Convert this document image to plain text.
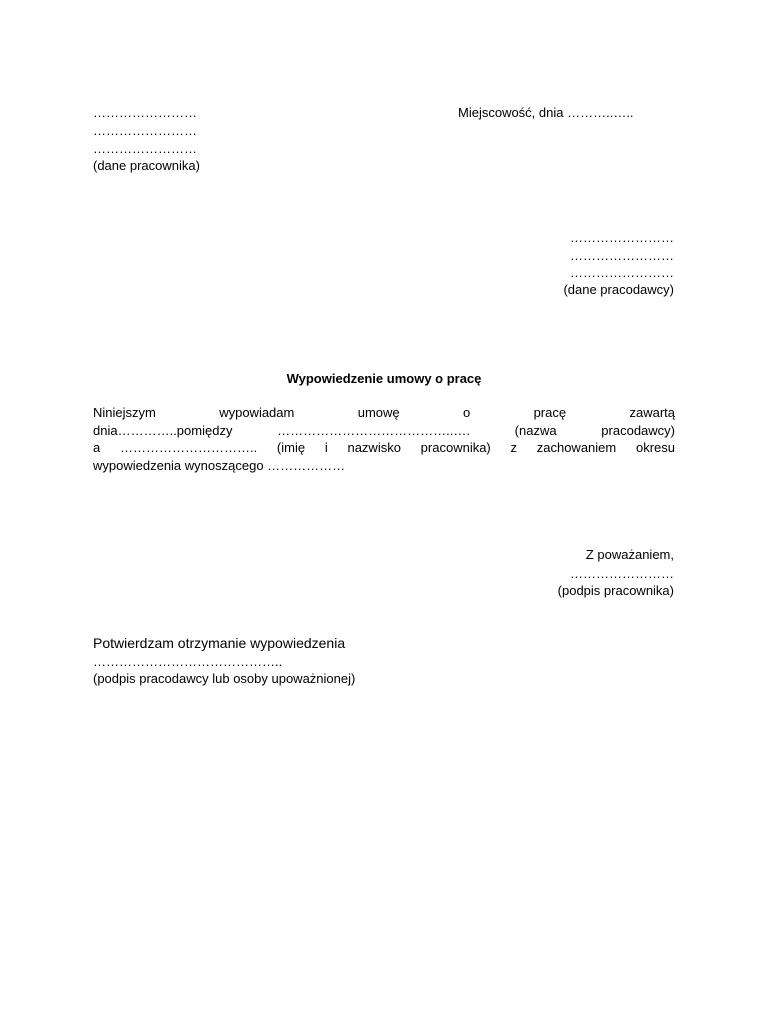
……………………
……………………
……………………
(dane pracownika)
Miejscowość, dnia ………..…..
……………………
……………………
……………………
(dane pracodawcy)
Wypowiedzenie umowy o pracę
Niniejszym wypowiadam umowę o pracę zawartą
dnia…………..pomiędzy …………………………………..…. (nazwa pracodawcy)
a ………………………….. (imię i nazwisko pracownika) z zachowaniem okresu
wypowiedzenia wynoszącego ………………
Z poważaniem,
……………………
(podpis pracownika)
Potwierdzam otrzymanie wypowiedzenia
……………………………………..
(podpis pracodawcy lub osoby upoważnionej)
